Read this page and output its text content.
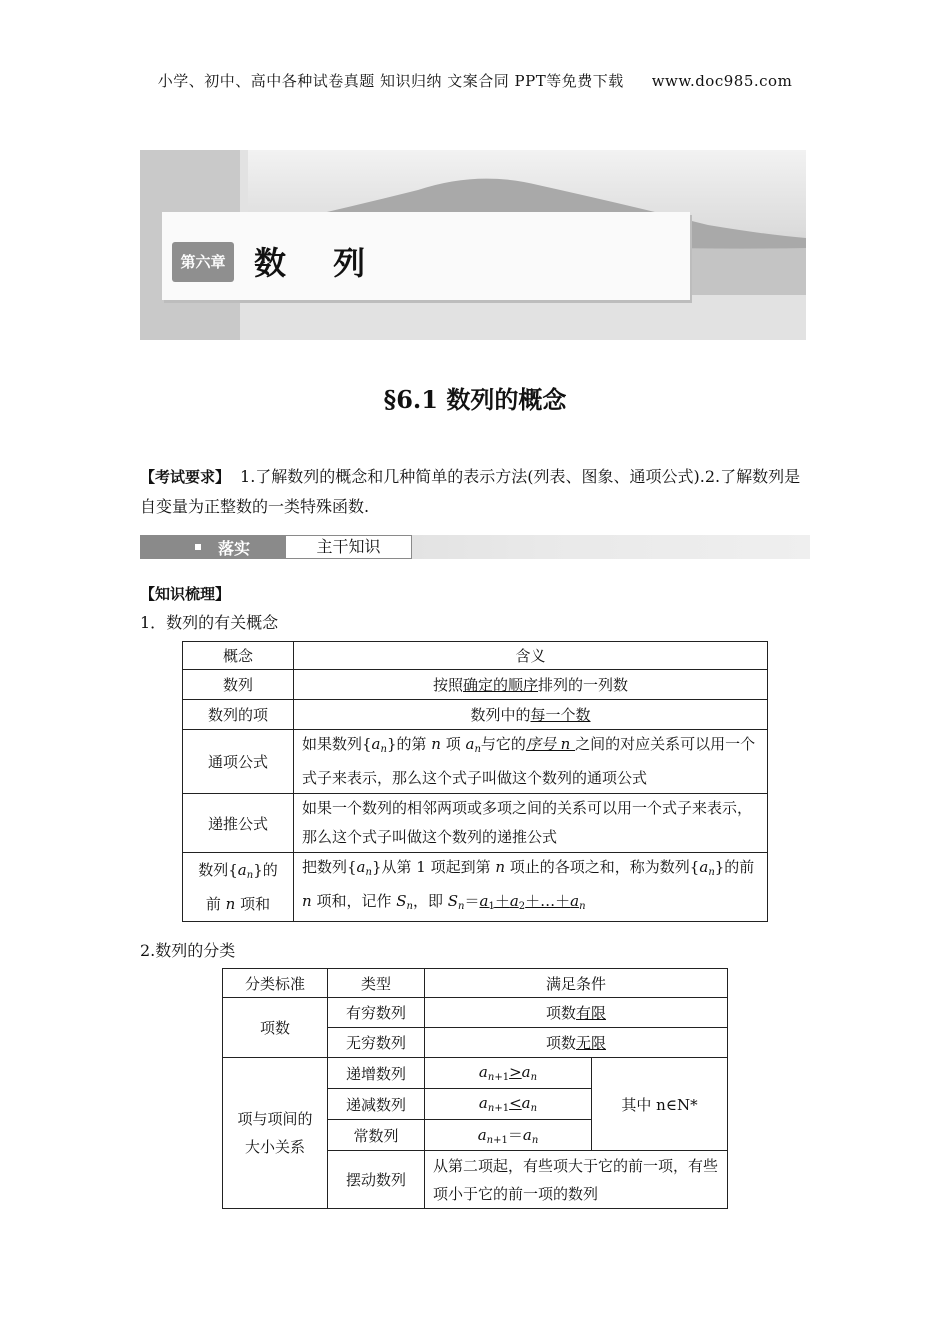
小学、初中、高中各种试卷真题 知识归纳 文案合同 PPT等免费下载 www.doc985.com
第六章 数 列
§6.1 数列的概念
【考试要求】 1.了解数列的概念和几种简单的表示方法(列表、图象、通项公式).2.了解数列是自变量为正整数的一类特殊函数.
落实	主干知识
【知识梳理】
1．数列的有关概念
概念	含义
数列	按照确定的顺序排列的一列数
数列的项	数列中的每一个数
通项公式	如果数列$\{a_n\}$的第 n 项 $a_n$与它的序号 n 之间的对应关系可以用一个式子来表示，那么这个式子叫做这个数列的通项公式
递推公式	如果一个数列的相邻两项或多项之间的关系可以用一个式子来表示，那么这个式子叫做这个数列的递推公式
数列$\{a_n\}$的
前 n 项和	把数列$\{a_n\}$从第 1 项起到第 n 项止的各项之和，称为数列$\{a_n\}$的前 n 项和，记作 $S_n$，即 $S_n=a_1+a_2+\dots+a_n$
2.数列的分类
分类标准	类型	满足条件	
项数	有穷数列	项数有限	
	无穷数列	项数无限	
项与项间的
大小关系	递增数列	$a_{n+1}>a_n$	其中 n∈N*
	递减数列	$a_{n+1}<a_n$
	常数列	$a_{n+1}=a_n$
	摆动数列	从第二项起，有些项大于它的前一项，有些项小于它的前一项的数列	
